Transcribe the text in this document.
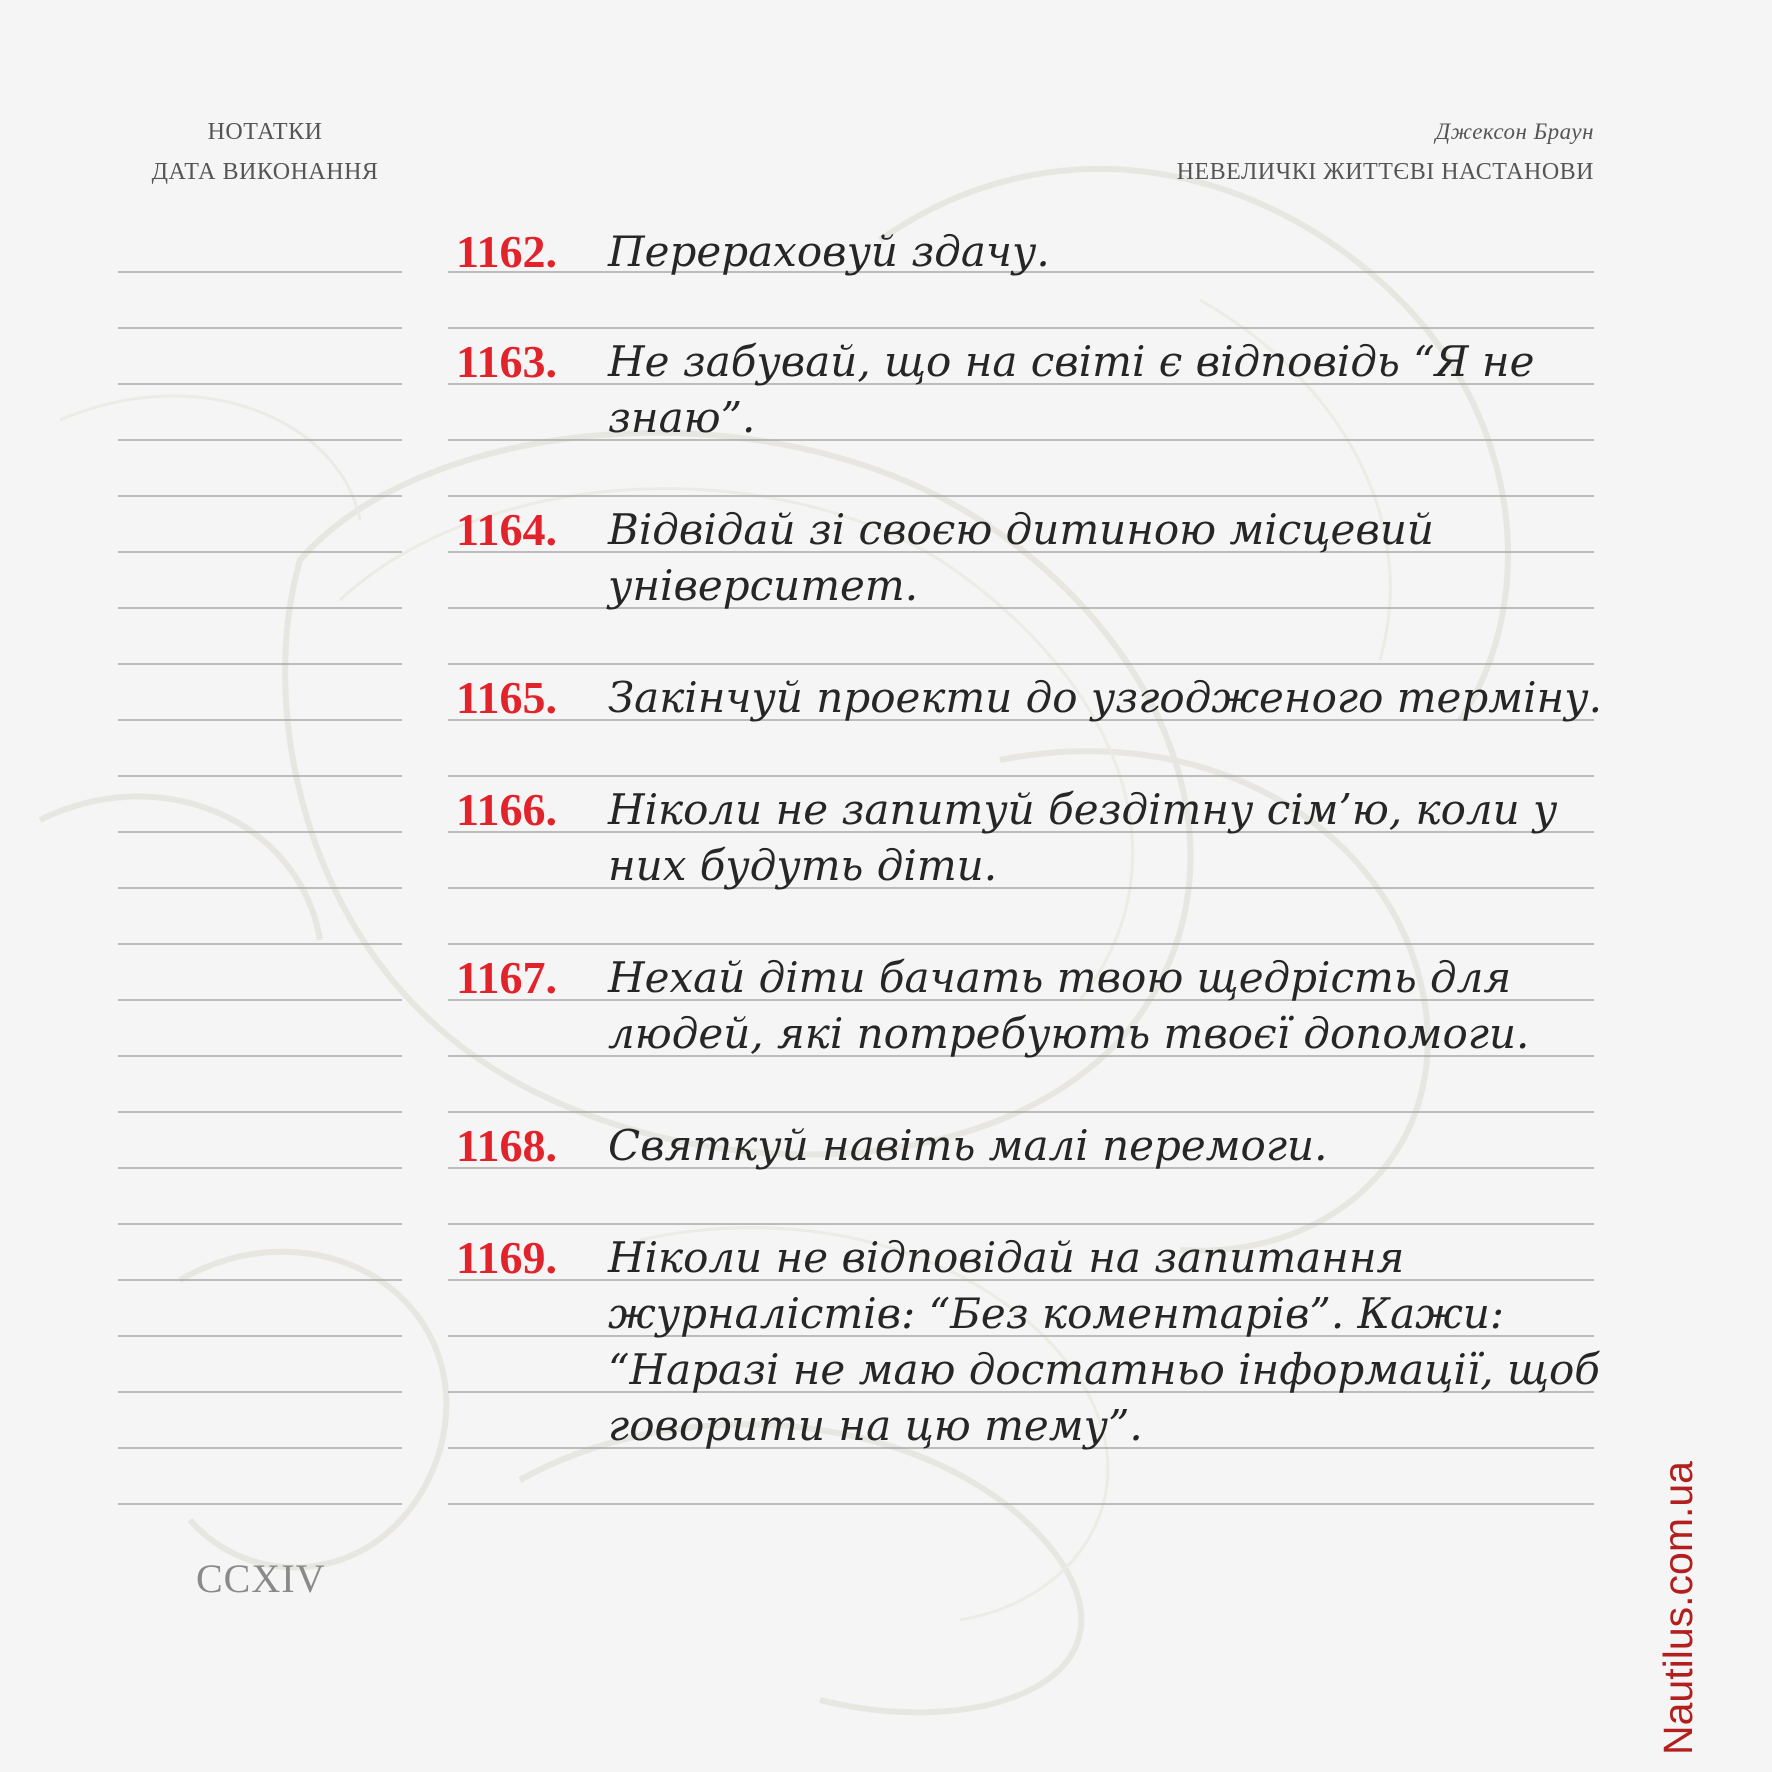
НОТАТКИ
ДАТА ВИКОНАННЯ
Джексон Браун
НЕВЕЛИЧКІ ЖИТТЄВІ НАСТАНОВИ
1162. Перераховуй здачу.
1163. Не забувай, що на світі є відповідь “Я не знаю”.
1164. Відвідай зі своєю дитиною місцевий університет.
1165. Закінчуй проекти до узгодженого терміну.
1166. Ніколи не запитуй бездітну сім’ю, коли у них будуть діти.
1167. Нехай діти бачать твою щедрість для людей, які потребують твоєї допомоги.
1168. Святкуй навіть малі перемоги.
1169. Ніколи не відповідай на запитання журналістів: “Без коментарів”. Кажи: “Наразі не маю достатньо інформації, щоб говорити на цю тему”.
CCXIV	Nautilus.com.ua
